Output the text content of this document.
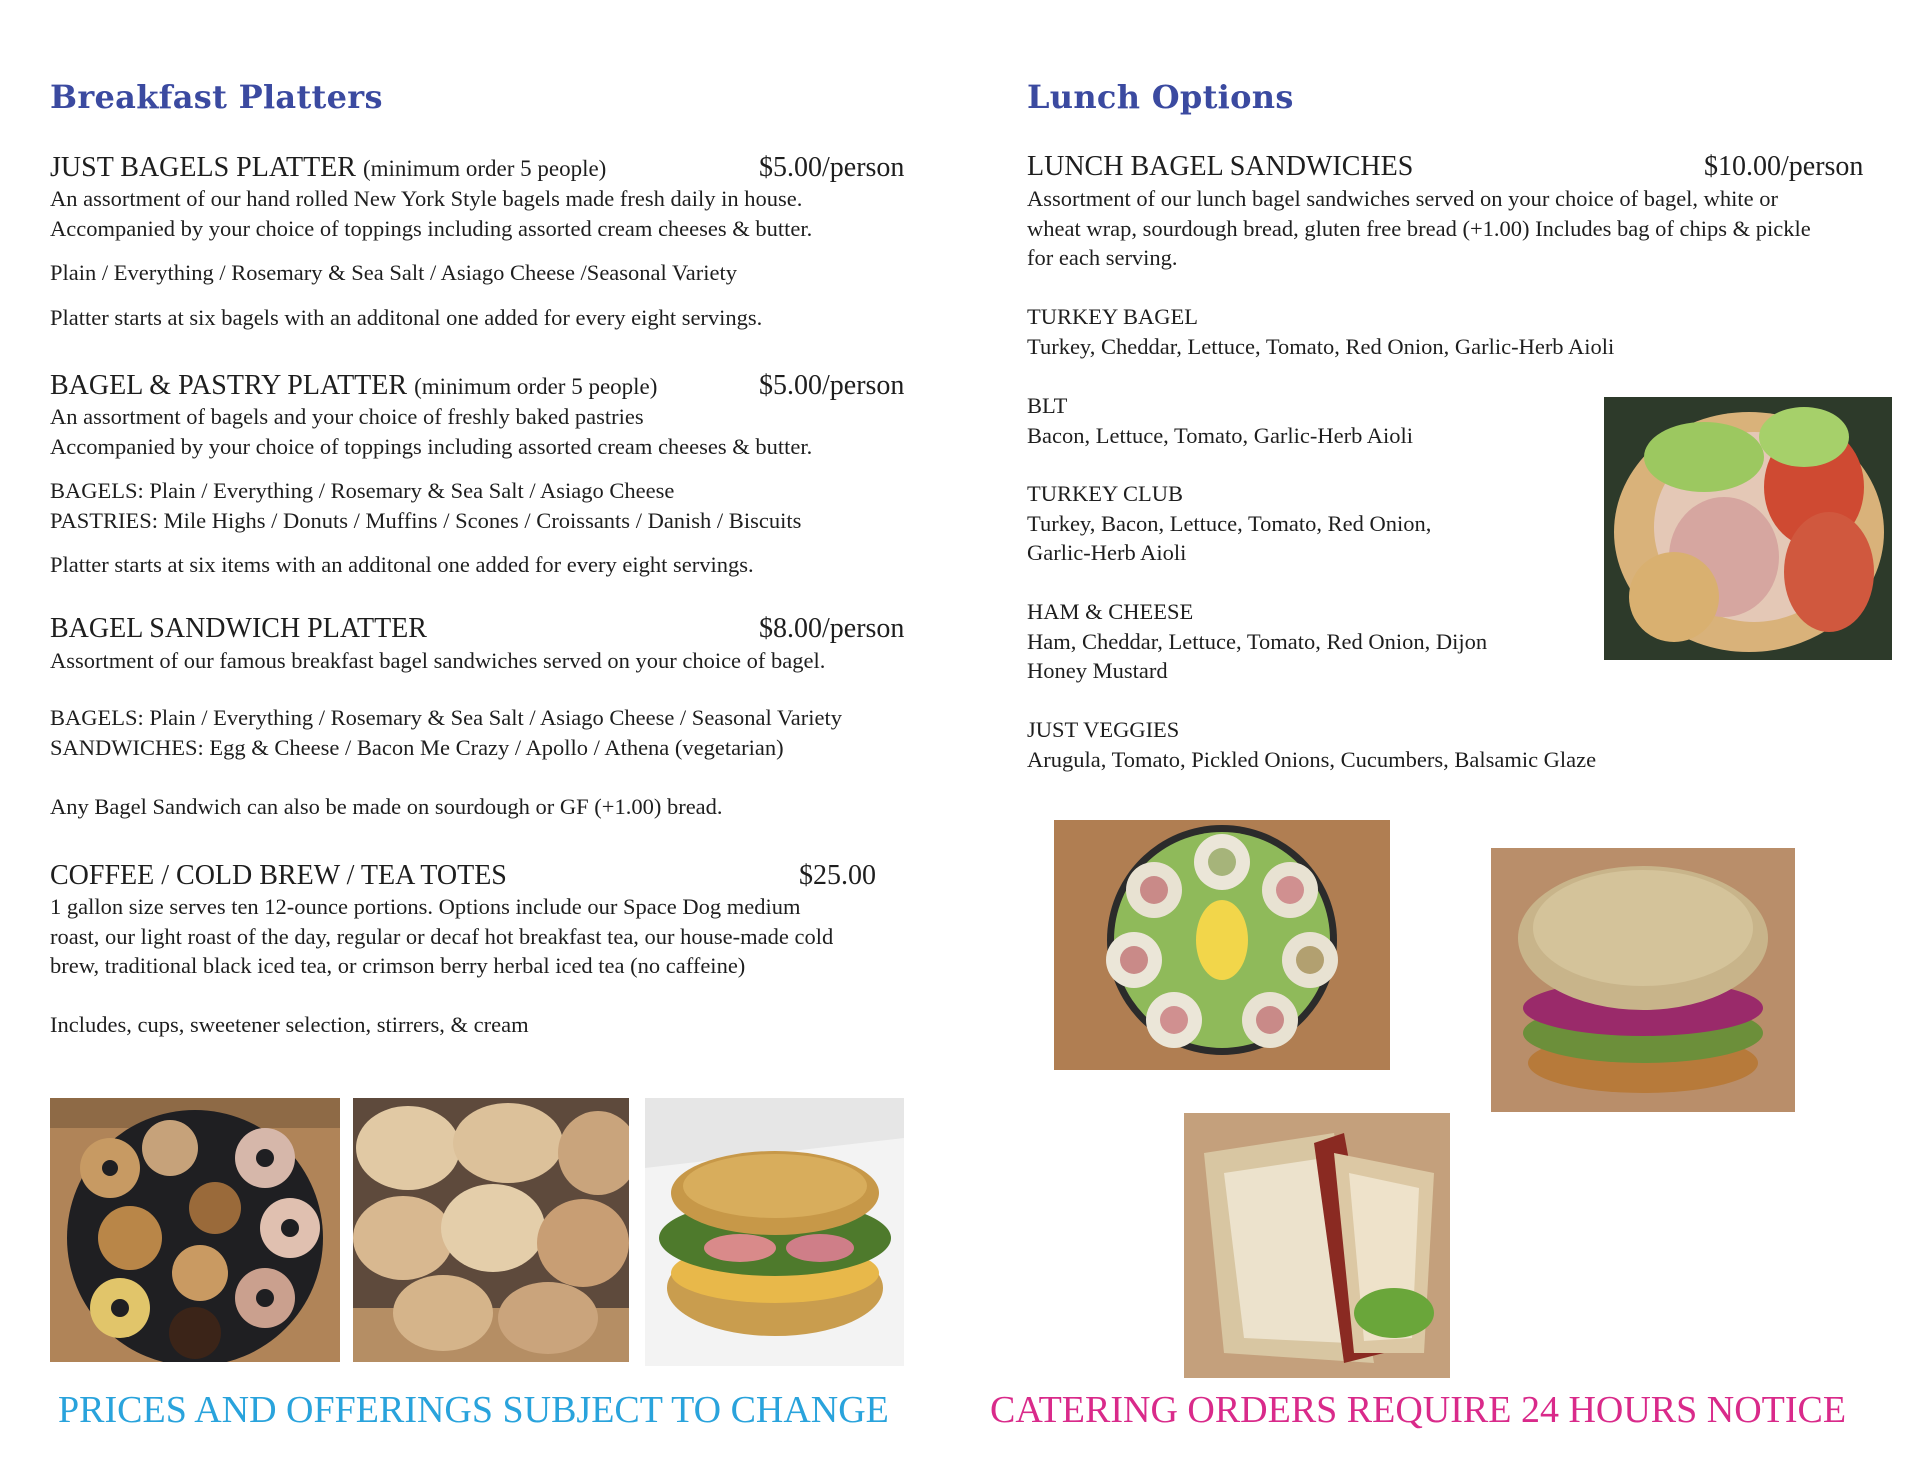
Breakfast Platters
JUST BAGELS PLATTER (minimum order 5 people)	$5.00/person

An assortment of our hand rolled New York Style bagels made fresh daily in house.

Accompanied by your choice of toppings including assorted cream cheeses & butter.

Plain / Everything / Rosemary & Sea Salt / Asiago Cheese /Seasonal Variety
Platter starts at six bagels with an additonal one added for every eight servings.
BAGEL & PASTRY PLATTER (minimum order 5 people)	$5.00/person

An assortment of bagels and your choice of freshly baked pastries

Accompanied by your choice of toppings including assorted cream cheeses & butter.

BAGELS: Plain / Everything / Rosemary & Sea Salt / Asiago Cheese

PASTRIES: Mile Highs / Donuts / Muffins / Scones / Croissants / Danish / Biscuits

Platter starts at six items with an additonal one added for every eight servings.
BAGEL SANDWICH PLATTER	$8.00/person
Assortment of our famous breakfast bagel sandwiches served on your choice of bagel.

BAGELS: Plain / Everything / Rosemary & Sea Salt / Asiago Cheese / Seasonal Variety

SANDWICHES: Egg & Cheese / Bacon Me Crazy / Apollo / Athena (vegetarian)

Any Bagel Sandwich can also be made on sourdough or GF (+1.00) bread.
COFFEE / COLD BREW / TEA TOTES	$25.00

1 gallon size serves ten 12-ounce portions. Options include our Space Dog medium

roast, our light roast of the day, regular or decaf hot breakfast tea, our house-made cold

brew, traditional black iced tea, or crimson berry herbal iced tea (no caffeine)

Includes, cups, sweetener selection, stirrers, & cream
PRICES AND OFFERINGS SUBJECT TO CHANGE
Lunch Options
LUNCH BAGEL SANDWICHES	$10.00/person

Assortment of our lunch bagel sandwiches served on your choice of bagel, white or

wheat wrap, sourdough bread, gluten free bread (+1.00) Includes bag of chips & pickle

for each serving.

TURKEY BAGEL

Turkey, Cheddar, Lettuce, Tomato, Red Onion, Garlic-Herb Aioli

BLT

Bacon, Lettuce, Tomato, Garlic-Herb Aioli

TURKEY CLUB

Turkey, Bacon, Lettuce, Tomato, Red Onion,

Garlic-Herb Aioli

HAM & CHEESE

Ham, Cheddar, Lettuce, Tomato, Red Onion, Dijon

Honey Mustard

JUST VEGGIES

Arugula, Tomato, Pickled Onions, Cucumbers, Balsamic Glaze

CATERING ORDERS REQUIRE 24 HOURS NOTICE
